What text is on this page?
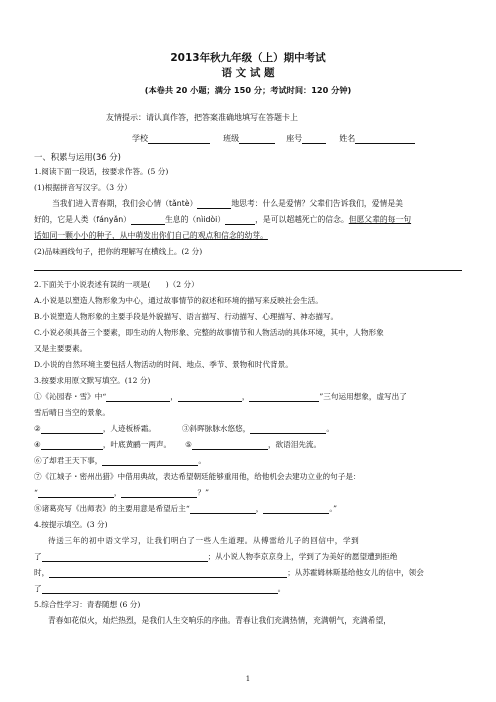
2013年秋九年级（上）期中考试
语 文 试 题
(本卷共 20 小题；满分 150 分；考试时间：120 分钟)
友情提示：请认真作答，把答案准确地填写在答题卡上
学校	班级	座号	姓名
一、积累与运用(36 分)
1.阅读下面一段话，按要求作答。(5 分)
(1)根据拼音写汉字。（3 分）
当我们进入青春期，我们会心情（tǎntè）	地思考：什么是爱情？父辈们告诉我们，爱情是美
好的，它是人类（fányǎn）	生息的（nìidòi）	，是可以超越死亡的信念。但愿父辈的每一句
话如同一颗小小的种子，从中萌发出你们自己的观点和信念的幼芽。
(2)品味画线句子，把你的理解写在横线上。(2 分)
2.下面关于小说表述有误的一项是(　　)（2 分）
A.小说是以塑造人物形象为中心，通过故事情节的叙述和环境的描写来反映社会生活。
B.小说塑造人物形象的主要手段是外貌描写、语言描写、行动描写、心理描写、神态描写。
C.小说必须具备三个要素，即生动的人物形象、完整的故事情节和人物活动的具体环境，其中，人物形象
又是主要要素。
D.小说的自然环境主要包括人物活动的时间、地点、季节、景物和时代背景。
3.按要求用原文默写填空。(12 分)
①《沁园春・雪》中“	，	，	”三句运用想象，虚写出了
雪后晴日当空的景象。
②	，人迹板桥霜。	③斜晖脉脉水悠悠，	。
④	，叶底黄鹂一两声。 ⑤	，欲语泪先流。
⑥了却君王天下事，	。
⑦《江城子・密州出猎》中借用典故，表达希望朝廷能够重用他，给他机会去建功立业的句子是：
“	，	？”
⑧诸葛亮写《出师表》的主要用意是希望后主“	，	。”
4.按提示填空。(3 分)
待送三年的初中语文学习，让我们明白了一些人生道理。从傅雷给儿子的回信中，学到
了	；从小说人物李京京身上，学到了为美好的愿望遭到拒绝
时，	；从苏霍姆林斯基给他女儿的信中，领会
了	。
5.综合性学习：青春随想 (6 分)
青春如花似火，灿烂热烈，是我们人生交响乐的序曲。青春让我们充满热情，充满朝气，充满希望，
1
